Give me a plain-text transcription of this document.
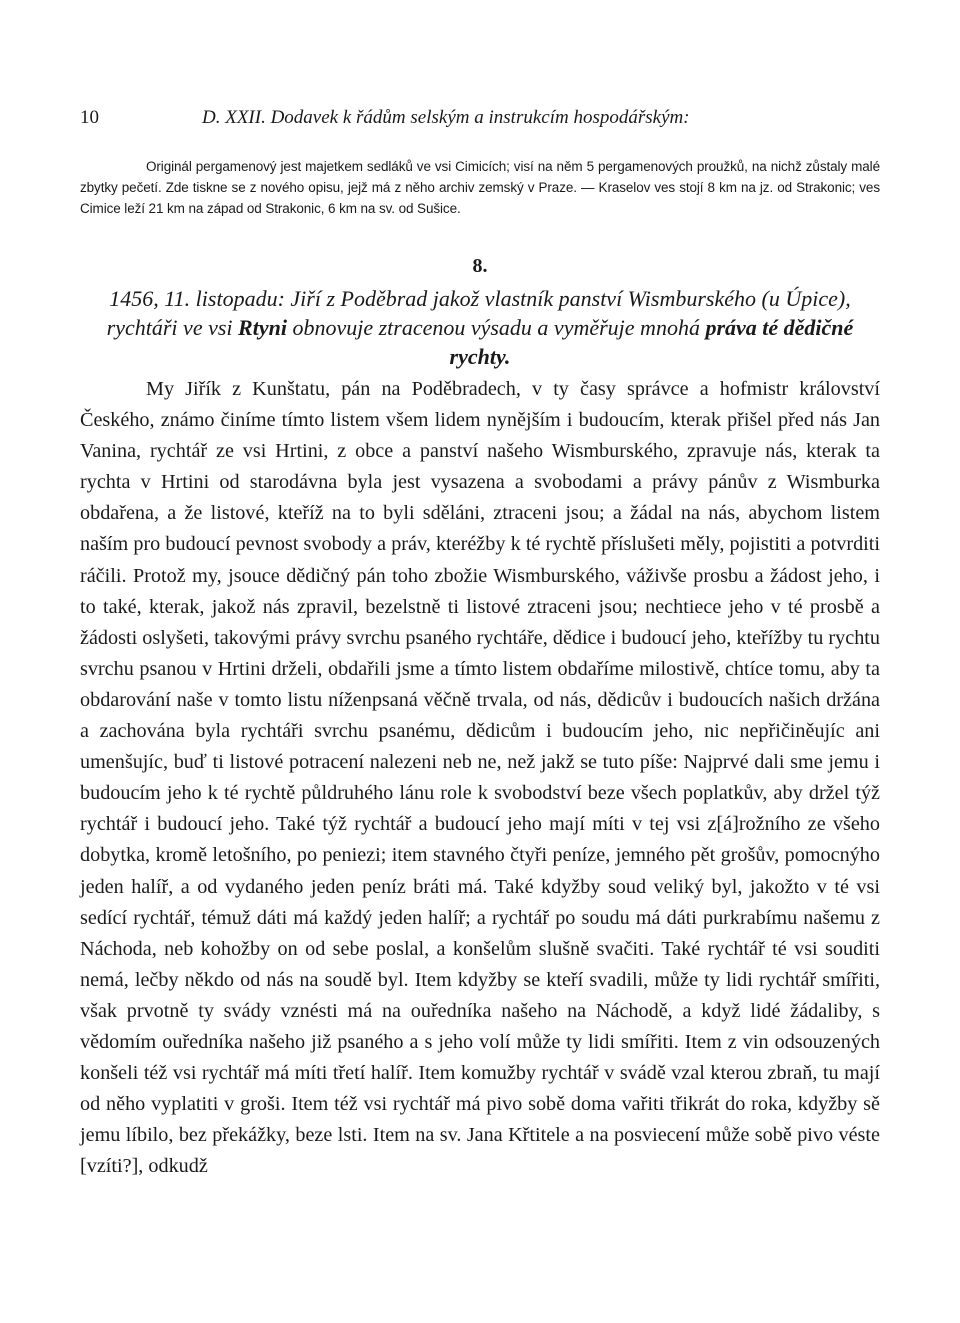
10	D. XXII. Dodavek k řádům selským a instrukcím hospodářským:
Originál pergamenový jest majetkem sedláků ve vsi Cimicích; visí na něm 5 pergamenových proužků, na nichž zůstaly malé zbytky pečetí. Zde tiskne se z nového opisu, jejž má z něho archiv zemský v Praze. — Kraselov ves stojí 8 km na jz. od Strakonic; ves Cimice leží 21 km na západ od Strakonic, 6 km na sv. od Sušice.
8.
1456, 11. listopadu: Jiří z Poděbrad jakož vlastník panství Wismburského (u Úpice), rychtáři ve vsi Rtyni obnovuje ztracenou výsadu a vyměřuje mnohá práva té dědičné rychty.
My Jiřík z Kunštatu, pán na Poděbradech, v ty časy správce a hofmistr království Českého, známo činíme tímto listem všem lidem nynějším i budoucím, kterak přišel před nás Jan Vanina, rychtář ze vsi Hrtini, z obce a panství našeho Wismburského, zpravuje nás, kterak ta rychta v Hrtini od starodávna byla jest vysazena a svobodami a právy pánův z Wismburka obdařena, a že listové, kteříž na to byli sděláni, ztraceni jsou; a žádal na nás, abychom listem naším pro budoucí pevnost svobody a práv, kteréžby k té rychtě příslušeti měly, pojistiti a potvrditi ráčili. Protož my, jsouce dědičný pán toho zbožie Wismburského, váživše prosbu a žádost jeho, i to také, kterak, jakož nás zpravil, bezelstně ti listové ztraceni jsou; nechtiece jeho v té prosbě a žádosti oslyšeti, takovými právy svrchu psaného rychtáře, dědice i budoucí jeho, kteřížby tu rychtu svrchu psanou v Hrtini drželi, obdařili jsme a tímto listem obdaříme milostivě, chtíce tomu, aby ta obdarování naše v tomto listu níženpsaná věčně trvala, od nás, dědicův i budoucích našich držána a zachována byla rychtáři svrchu psanému, dědicům i budoucím jeho, nic nepřičiněujíc ani umenšujíc, buď ti listové potracení nalezeni neb ne, než jakž se tuto píše: Najprvé dali sme jemu i budoucím jeho k té rychtě půldruhého lánu role k svobodství beze všech poplatkův, aby držel týž rychtář i budoucí jeho. Také týž rychtář a budoucí jeho mají míti v tej vsi z[á]rožního ze všeho dobytka, kromě letošního, po peniezi; item stavného čtyři peníze, jemného pět grošův, pomocnýho jeden halíř, a od vydaného jeden peníz bráti má. Také kdyžby soud veliký byl, jakožto v té vsi sedící rychtář, témuž dáti má každý jeden halíř; a rychtář po soudu má dáti purkrabímu našemu z Náchoda, neb kohožby on od sebe poslal, a konšelům slušně svačiti. Také rychtář té vsi souditi nemá, lečby někdo od nás na soudě byl. Item kdyžby se kteří svadili, může ty lidi rychtář smířiti, však prvotně ty svády vznésti má na ouředníka našeho na Náchodě, a když lidé žádaliby, s vědomím ouředníka našeho již psaného a s jeho volí může ty lidi smířiti. Item z vin odsouzených konšeli též vsi rychtář má míti třetí halíř. Item komužby rychtář v svádě vzal kterou zbraň, tu mají od něho vyplatiti v groši. Item též vsi rychtář má pivo sobě doma vařiti třikrát do roka, kdyžby sě jemu líbilo, bez překážky, beze lsti. Item na sv. Jana Křtitele a na posviecení může sobě pivo véste [vzíti?], odkudž
